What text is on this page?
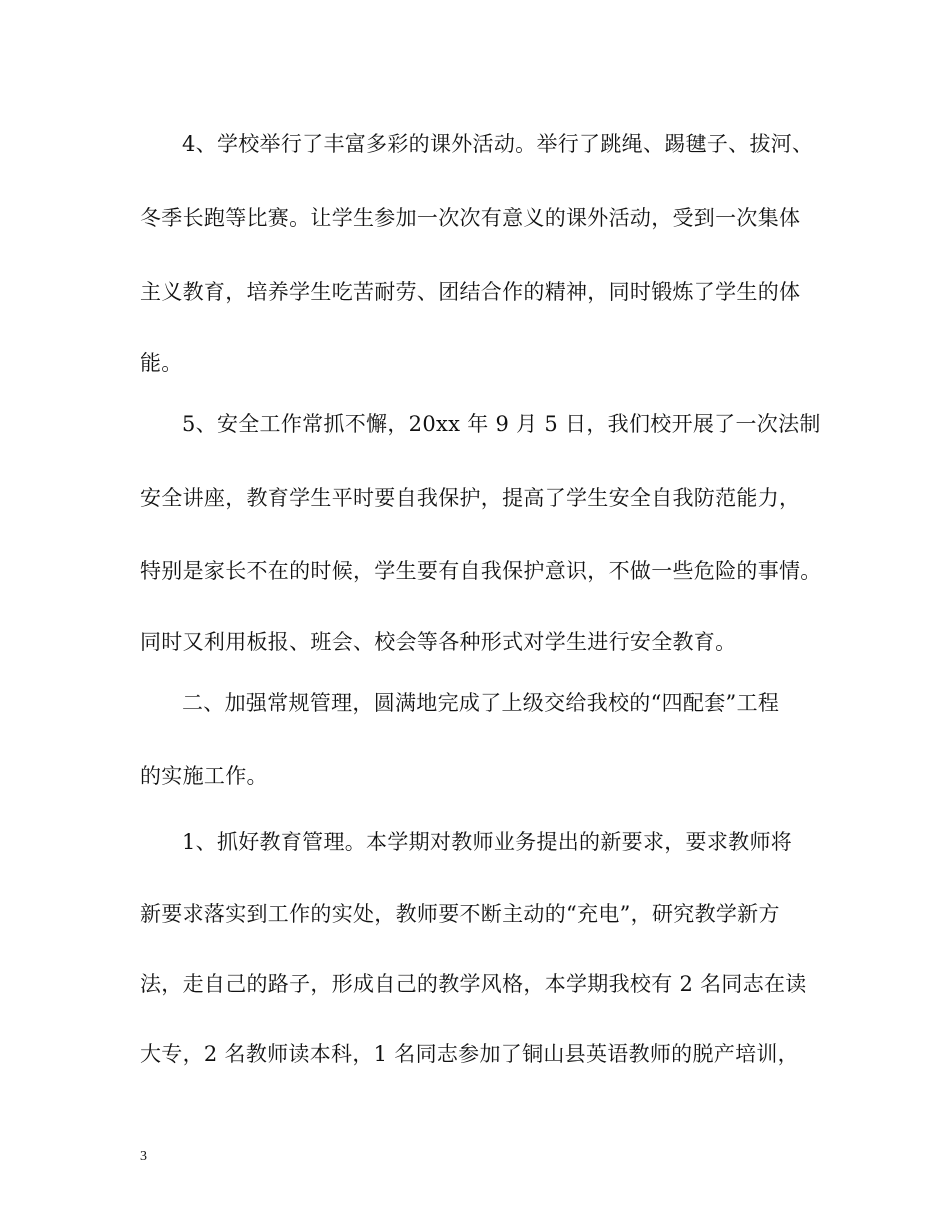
4、学校举行了丰富多彩的课外活动。举行了跳绳、踢毽子、拔河、

冬季长跑等比赛。让学生参加一次次有意义的课外活动，受到一次集体

主义教育，培养学生吃苦耐劳、团结合作的精神，同时锻炼了学生的体

能。

5、安全工作常抓不懈，20xx 年 9 月 5 日，我们校开展了一次法制

安全讲座，教育学生平时要自我保护，提高了学生安全自我防范能力，

特别是家长不在的时候，学生要有自我保护意识，不做一些危险的事情。

同时又利用板报、班会、校会等各种形式对学生进行安全教育。

二、加强常规管理，圆满地完成了上级交给我校的“四配套”工程

的实施工作。

1、抓好教育管理。本学期对教师业务提出的新要求，要求教师将

新要求落实到工作的实处，教师要不断主动的“充电”，研究教学新方

法，走自己的路子，形成自己的教学风格，本学期我校有 2 名同志在读

大专，2 名教师读本科，1 名同志参加了铜山县英语教师的脱产培训，

3
